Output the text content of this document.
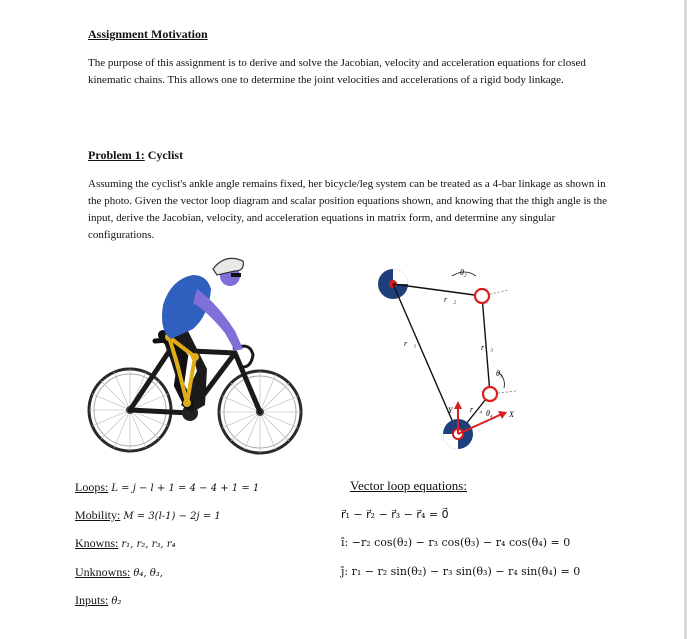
Assignment Motivation

The purpose of this assignment is to derive and solve the Jacobian, velocity and acceleration equations for closed kinematic chains. This allows one to determine the joint velocities and accelerations of a rigid body linkage.

Problem 1: Cyclist

Assuming the cyclist's ankle angle remains fixed, her bicycle/leg system can be treated as a 4-bar linkage as shown in the photo. Given the vector loop diagram and scalar position equations shown, and knowing that the thigh angle is the input, derive the Jacobian, velocity, and acceleration equations in matrix form, and determine any singular configurations.

θ₂
r⃗₂
r⃗₃
r⃗₁
θ₃
r⃗₄ θ₄
Y	X
Loops: L = j − l + 1 = 4 − 4 + 1 = 1
Mobility: M = 3(l-1) − 2j = 1
Knowns: r₁, r₂, r₃, r₄
Unknowns: θ₄, θ₃,
Inputs: θ₂
Vector loop equations:
r⃗₁ − r⃗₂ − r⃗₃ − r⃗₄ = 0⃗
î: −r₂ cos(θ₂) − r₃ cos(θ₃) − r₄ cos(θ₄) = 0
ĵ: r₁ − r₂ sin(θ₂) − r₃ sin(θ₃) − r₄ sin(θ₄) = 0
